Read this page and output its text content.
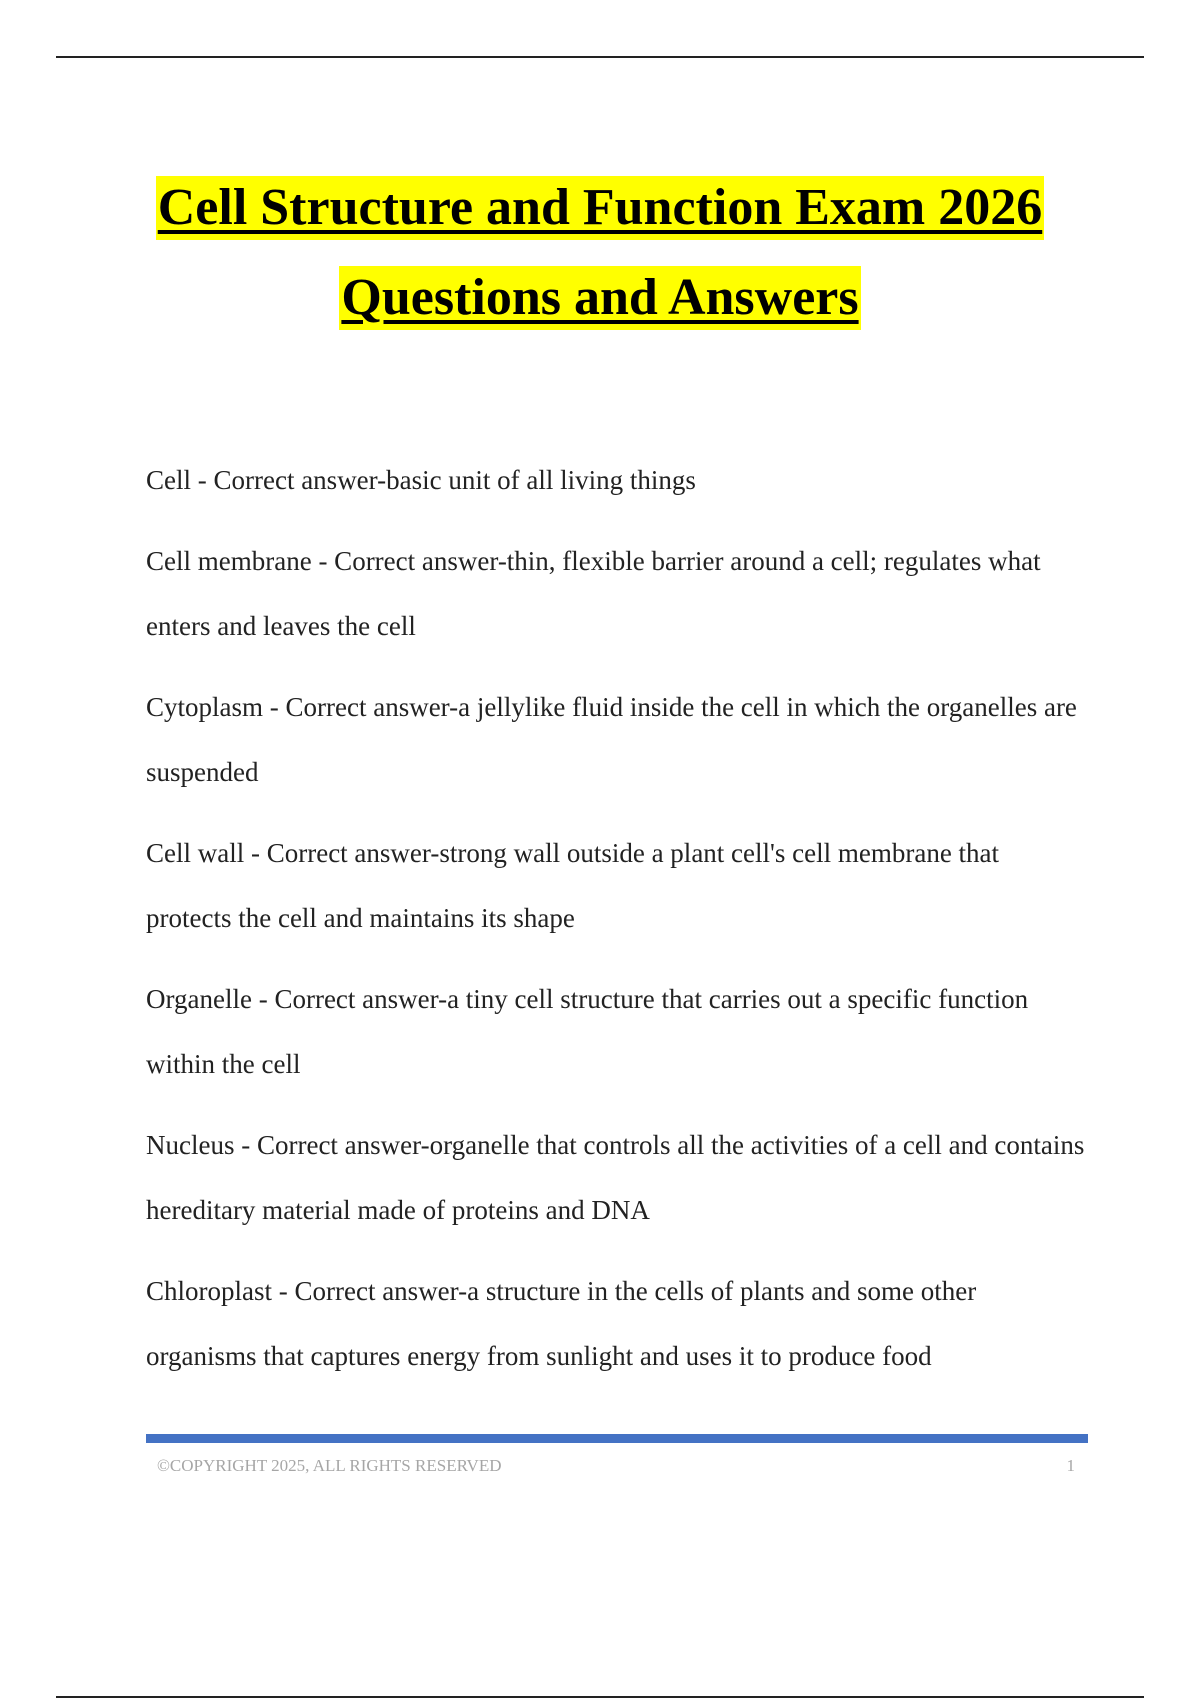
Cell Structure and Function Exam 2026
Questions and Answers

Cell - Correct answer-basic unit of all living things

Cell membrane - Correct answer-thin, flexible barrier around a cell; regulates what enters and leaves the cell

Cytoplasm - Correct answer-a jellylike fluid inside the cell in which the organelles are suspended

Cell wall - Correct answer-strong wall outside a plant cell's cell membrane that protects the cell and maintains its shape

Organelle - Correct answer-a tiny cell structure that carries out a specific function within the cell

Nucleus - Correct answer-organelle that controls all the activities of a cell and contains hereditary material made of proteins and DNA

Chloroplast - Correct answer-a structure in the cells of plants and some other organisms that captures energy from sunlight and uses it to produce food

©COPYRIGHT 2025, ALL RIGHTS RESERVED	1
